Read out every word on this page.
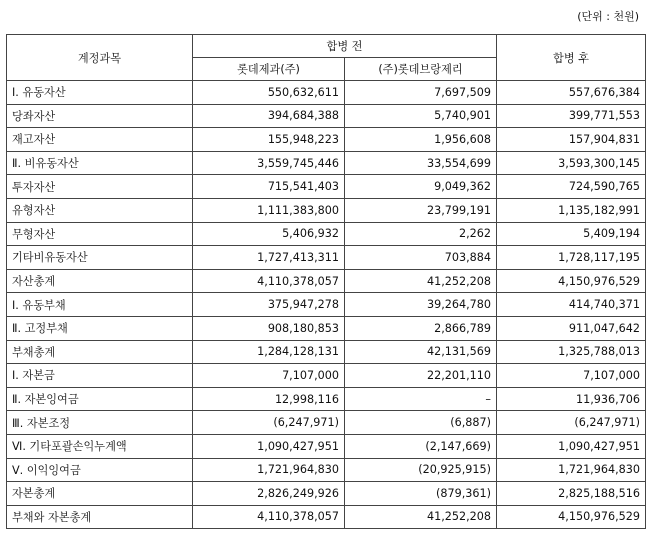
(단위 : 천원)
계정과목	합병 전		합병 후
	롯데제과(주)	(주)롯데브랑제리	
Ⅰ. 유동자산	550,632,611	7,697,509	557,676,384
당좌자산	394,684,388	5,740,901	399,771,553
재고자산	155,948,223	1,956,608	157,904,831
Ⅱ. 비유동자산	3,559,745,446	33,554,699	3,593,300,145
투자자산	715,541,403	9,049,362	724,590,765
유형자산	1,111,383,800	23,799,191	1,135,182,991
무형자산	5,406,932	2,262	5,409,194
기타비유동자산	1,727,413,311	703,884	1,728,117,195
자산총계	4,110,378,057	41,252,208	4,150,976,529
Ⅰ. 유동부채	375,947,278	39,264,780	414,740,371
Ⅱ. 고정부채	908,180,853	2,866,789	911,047,642
부채총계	1,284,128,131	42,131,569	1,325,788,013
Ⅰ. 자본금	7,107,000	22,201,110	7,107,000
Ⅱ. 자본잉여금	12,998,116	–	11,936,706
Ⅲ. 자본조정	(6,247,971)	(6,887)	(6,247,971)
Ⅵ. 기타포괄손익누계액	1,090,427,951	(2,147,669)	1,090,427,951
Ⅴ. 이익잉여금	1,721,964,830	(20,925,915)	1,721,964,830
자본총계	2,826,249,926	(879,361)	2,825,188,516
부채와 자본총계	4,110,378,057	41,252,208	4,150,976,529
